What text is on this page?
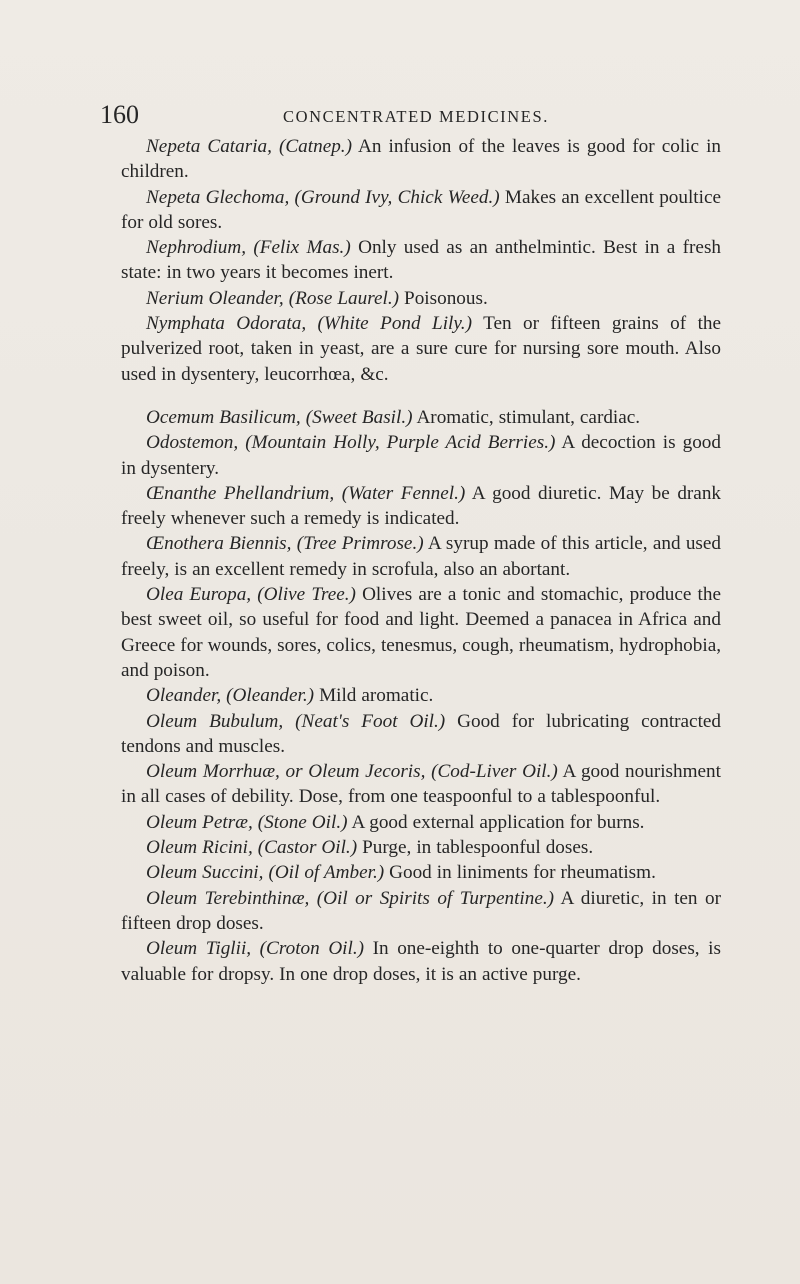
160	CONCENTRATED MEDICINES.

Nepeta Cataria, (Catnep.) An infusion of the leaves is good for colic in children.

Nepeta Glechoma, (Ground Ivy, Chick Weed.) Makes an excellent poultice for old sores.

Nephrodium, (Felix Mas.) Only used as an anthelmintic. Best in a fresh state: in two years it becomes inert.

Nerium Oleander, (Rose Laurel.) Poisonous.

Nymphata Odorata, (White Pond Lily.) Ten or fifteen grains of the pulverized root, taken in yeast, are a sure cure for nursing sore mouth. Also used in dysentery, leucorrhœa, &c.

Ocemum Basilicum, (Sweet Basil.) Aromatic, stimulant, cardiac.

Odostemon, (Mountain Holly, Purple Acid Berries.) A decoction is good in dysentery.

Œnanthe Phellandrium, (Water Fennel.) A good diuretic. May be drank freely whenever such a remedy is indicated.

Œnothera Biennis, (Tree Primrose.) A syrup made of this article, and used freely, is an excellent remedy in scrofula, also an abortant.

Olea Europa, (Olive Tree.) Olives are a tonic and stomachic, produce the best sweet oil, so useful for food and light. Deemed a panacea in Africa and Greece for wounds, sores, colics, tenesmus, cough, rheumatism, hydrophobia, and poison.

Oleander, (Oleander.) Mild aromatic.

Oleum Bubulum, (Neat's Foot Oil.) Good for lubricating contracted tendons and muscles.

Oleum Morrhuæ, or Oleum Jecoris, (Cod-Liver Oil.) A good nourishment in all cases of debility. Dose, from one teaspoonful to a tablespoonful.

Oleum Petræ, (Stone Oil.) A good external application for burns.

Oleum Ricini, (Castor Oil.) Purge, in tablespoonful doses.

Oleum Succini, (Oil of Amber.) Good in liniments for rheumatism.

Oleum Terebinthinæ, (Oil or Spirits of Turpentine.) A diuretic, in ten or fifteen drop doses.

Oleum Tiglii, (Croton Oil.) In one-eighth to one-quarter drop doses, is valuable for dropsy. In one drop doses, it is an active purge.
